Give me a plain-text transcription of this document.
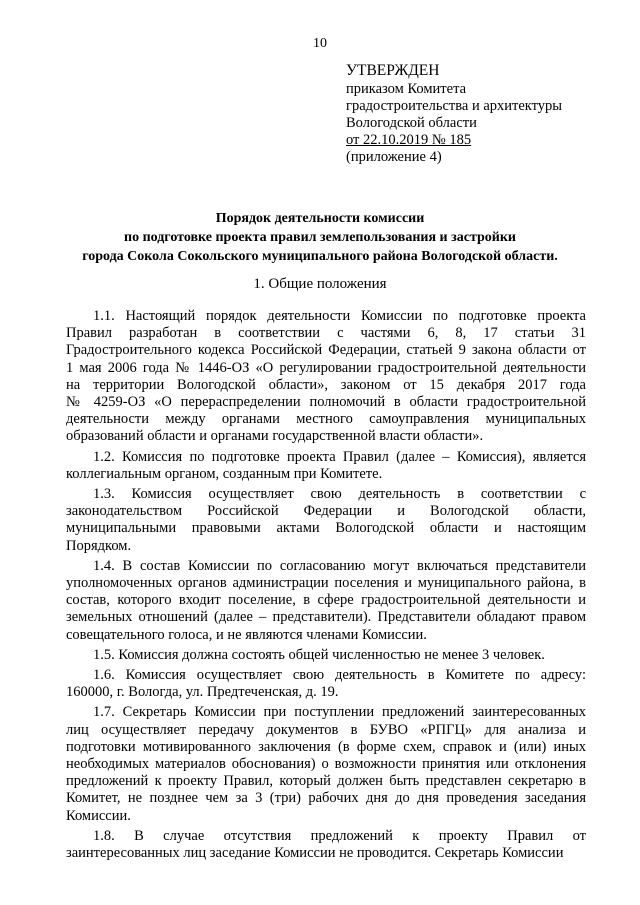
10
УТВЕРЖДЕН
приказом Комитета
градостроительства и архитектуры
Вологодской области
от 22.10.2019 № 185
(приложение 4)
Порядок деятельности комиссии
по подготовке проекта правил землепользования и застройки
города Сокола Сокольского муниципального района Вологодской области.
1. Общие положения
1.1. Настоящий порядок деятельности Комиссии по подготовке проекта
Правил разработан в соответствии с частями 6, 8, 17 статьи 31
Градостроительного кодекса Российской Федерации, статьей 9 закона области от
1 мая 2006 года № 1446-ОЗ «О регулировании градостроительной деятельности
на территории Вологодской области», законом от 15 декабря 2017 года
№ 4259-ОЗ «О перераспределении полномочий в области градостроительной
деятельности между органами местного самоуправления муниципальных
образований области и органами государственной власти области».
1.2. Комиссия по подготовке проекта Правил (далее – Комиссия), является
коллегиальным органом, созданным при Комитете.
1.3. Комиссия осуществляет свою деятельность в соответствии с
законодательством Российской Федерации и Вологодской области,
муниципальными правовыми актами Вологодской области и настоящим
Порядком.
1.4. В состав Комиссии по согласованию могут включаться представители
уполномоченных органов администрации поселения и муниципального района, в
состав, которого входит поселение, в сфере градостроительной деятельности и
земельных отношений (далее – представители). Представители обладают правом
совещательного голоса, и не являются членами Комиссии.
1.5. Комиссия должна состоять общей численностью не менее 3 человек.
1.6. Комиссия осуществляет свою деятельность в Комитете по адресу:
160000, г. Вологда, ул. Предтеченская, д. 19.
1.7. Секретарь Комиссии при поступлении предложений заинтересованных
лиц осуществляет передачу документов в БУВО «РПГЦ» для анализа и
подготовки мотивированного заключения (в форме схем, справок и (или) иных
необходимых материалов обоснования) о возможности принятия или отклонения
предложений к проекту Правил, который должен быть представлен секретарю в
Комитет, не позднее чем за 3 (три) рабочих дня до дня проведения заседания
Комиссии.
1.8. В случае отсутствия предложений к проекту Правил от
заинтересованных лиц заседание Комиссии не проводится. Секретарь Комиссии
